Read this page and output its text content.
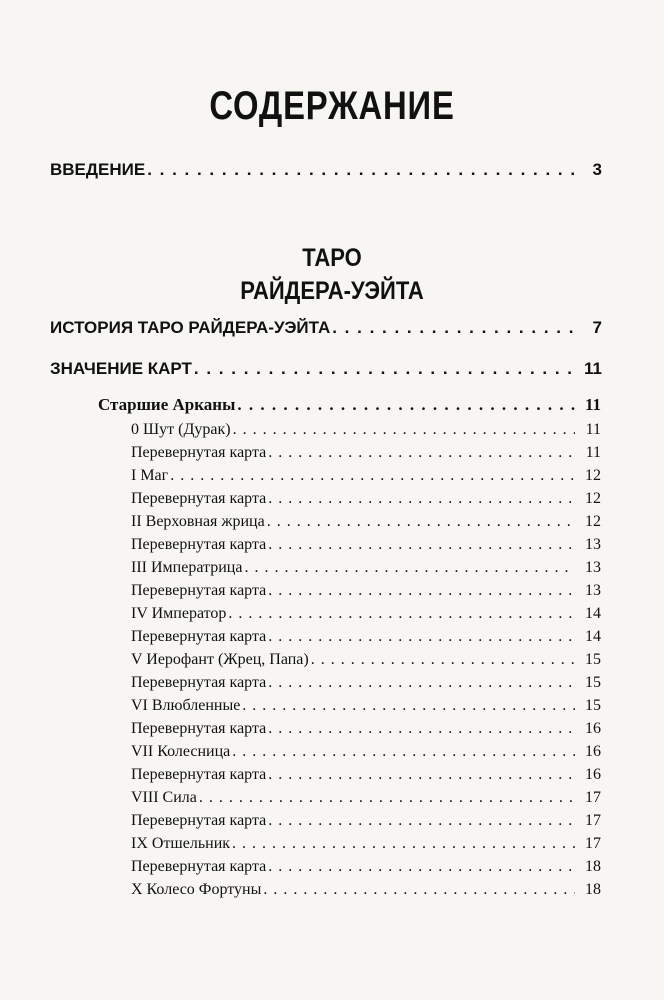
СОДЕРЖАНИЕ
ВВЕДЕНИЕ . . .	3
ТАРО
РАЙДЕРА-УЭЙТА
ИСТОРИЯ ТАРО РАЙДЕРА-УЭЙТА . . .	7
ЗНАЧЕНИЕ КАРТ . . .	11
Старшие Арканы . . .	11
0 Шут (Дурак) . . .	11
Перевернутая карта . . .	11
I Маг . . .	12
Перевернутая карта . . .	12
II Верховная жрица . . .	12
Перевернутая карта . . .	13
III Императрица . . .	13
Перевернутая карта . . .	13
IV Император . . .	14
Перевернутая карта . . .	14
V Иерофант (Жрец, Папа) . . .	15
Перевернутая карта . . .	15
VI Влюбленные . . .	15
Перевернутая карта . . .	16
VII Колесница . . .	16
Перевернутая карта . . .	16
VIII Сила . . .	17
Перевернутая карта . . .	17
IX Отшельник . . .	17
Перевернутая карта . . .	18
X Колесо Фортуны . . .	18
